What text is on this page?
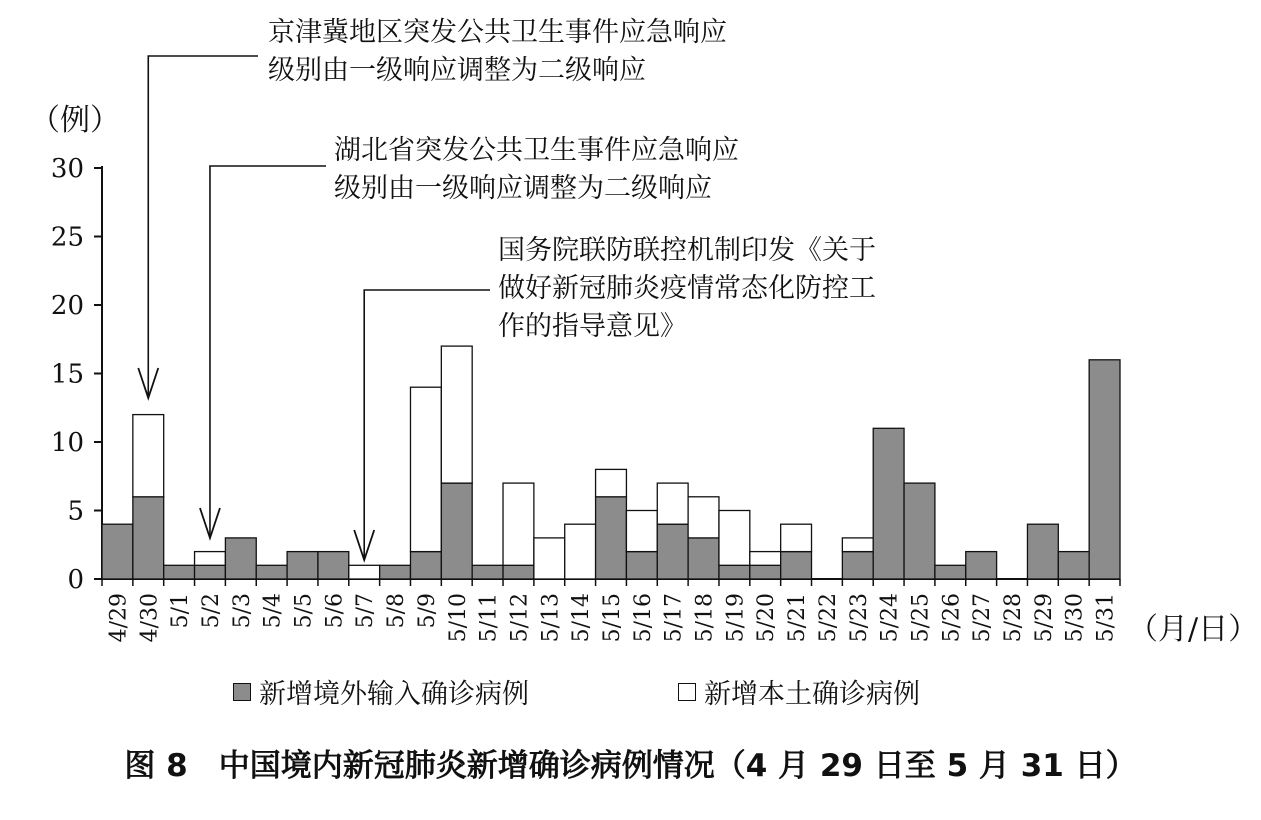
0
5
10
15
20
25
30
4/29 4/30 5/1 5/2 5/3 5/4 5/5 5/6 5/7 5/8 5/9 5/10 5/11 5/12 5/13 5/14 5/15 5/16 5/17 5/18 5/19 5/20 5/21 5/22 5/23 5/24 5/25 5/26 5/27 5/28 5/29 5/30 5/31
（例）
（月/日）
京津冀地区突发公共卫生事件应急响应
级别由一级响应调整为二级响应
湖北省突发公共卫生事件应急响应
级别由一级响应调整为二级响应
国务院联防联控机制印发《关于
做好新冠肺炎疫情常态化防控工
作的指导意见》
新增境外输入确诊病例	新增本土确诊病例
图 8　中国境内新冠肺炎新增确诊病例情况（4 月 29 日至 5 月 31 日）
